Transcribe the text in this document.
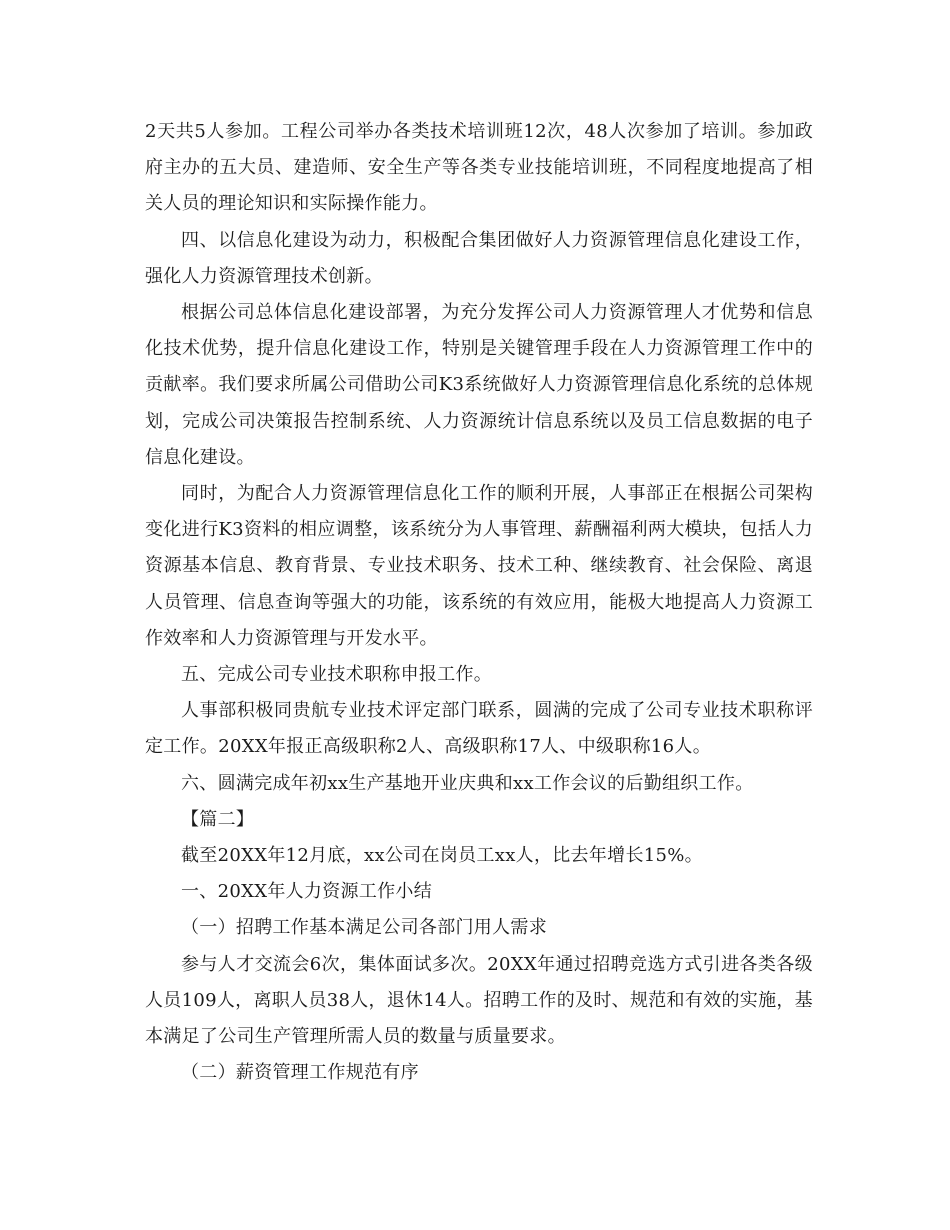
2天共5人参加。工程公司举办各类技术培训班12次，48人次参加了培训。参加政府主办的五大员、建造师、安全生产等各类专业技能培训班，不同程度地提高了相关人员的理论知识和实际操作能力。

四、以信息化建设为动力，积极配合集团做好人力资源管理信息化建设工作，强化人力资源管理技术创新。

根据公司总体信息化建设部署，为充分发挥公司人力资源管理人才优势和信息化技术优势，提升信息化建设工作，特别是关键管理手段在人力资源管理工作中的贡献率。我们要求所属公司借助公司K3系统做好人力资源管理信息化系统的总体规划，完成公司决策报告控制系统、人力资源统计信息系统以及员工信息数据的电子信息化建设。

同时，为配合人力资源管理信息化工作的顺利开展，人事部正在根据公司架构变化进行K3资料的相应调整，该系统分为人事管理、薪酬福利两大模块，包括人力资源基本信息、教育背景、专业技术职务、技术工种、继续教育、社会保险、离退人员管理、信息查询等强大的功能，该系统的有效应用，能极大地提高人力资源工作效率和人力资源管理与开发水平。

五、完成公司专业技术职称申报工作。

人事部积极同贵航专业技术评定部门联系，圆满的完成了公司专业技术职称评定工作。20XX年报正高级职称2人、高级职称17人、中级职称16人。

六、圆满完成年初xx生产基地开业庆典和xx工作会议的后勤组织工作。

【篇二】

截至20XX年12月底，xx公司在岗员工xx人，比去年增长15%。

一、20XX年人力资源工作小结

（一）招聘工作基本满足公司各部门用人需求

参与人才交流会6次，集体面试多次。20XX年通过招聘竞选方式引进各类各级人员109人，离职人员38人，退休14人。招聘工作的及时、规范和有效的实施，基本满足了公司生产管理所需人员的数量与质量要求。

（二）薪资管理工作规范有序
